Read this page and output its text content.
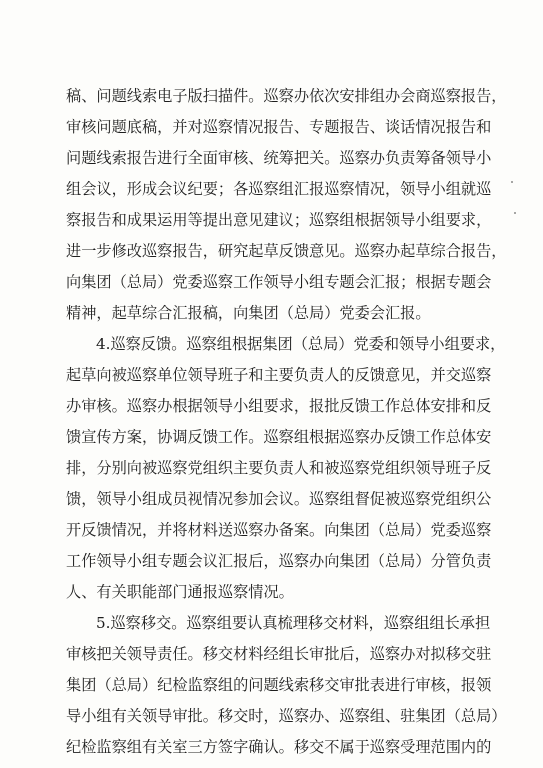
稿、问题线索电子版扫描件。巡察办依次安排组办会商巡察报告，
审核问题底稿，并对巡察情况报告、专题报告、谈话情况报告和
问题线索报告进行全面审核、统筹把关。巡察办负责筹备领导小
组会议，形成会议纪要；各巡察组汇报巡察情况，领导小组就巡
察报告和成果运用等提出意见建议；巡察组根据领导小组要求，
进一步修改巡察报告，研究起草反馈意见。巡察办起草综合报告，
向集团（总局）党委巡察工作领导小组专题会汇报；根据专题会
精神，起草综合汇报稿，向集团（总局）党委会汇报。
4.巡察反馈。巡察组根据集团（总局）党委和领导小组要求，
起草向被巡察单位领导班子和主要负责人的反馈意见，并交巡察
办审核。巡察办根据领导小组要求，报批反馈工作总体安排和反
馈宣传方案，协调反馈工作。巡察组根据巡察办反馈工作总体安
排，分别向被巡察党组织主要负责人和被巡察党组织领导班子反
馈，领导小组成员视情况参加会议。巡察组督促被巡察党组织公
开反馈情况，并将材料送巡察办备案。向集团（总局）党委巡察
工作领导小组专题会议汇报后，巡察办向集团（总局）分管负责
人、有关职能部门通报巡察情况。
5.巡察移交。巡察组要认真梳理移交材料，巡察组组长承担
审核把关领导责任。移交材料经组长审批后，巡察办对拟移交驻
集团（总局）纪检监察组的问题线索移交审批表进行审核，报领
导小组有关领导审批。移交时，巡察办、巡察组、驻集团（总局）
纪检监察组有关室三方签字确认。移交不属于巡察受理范围内的
